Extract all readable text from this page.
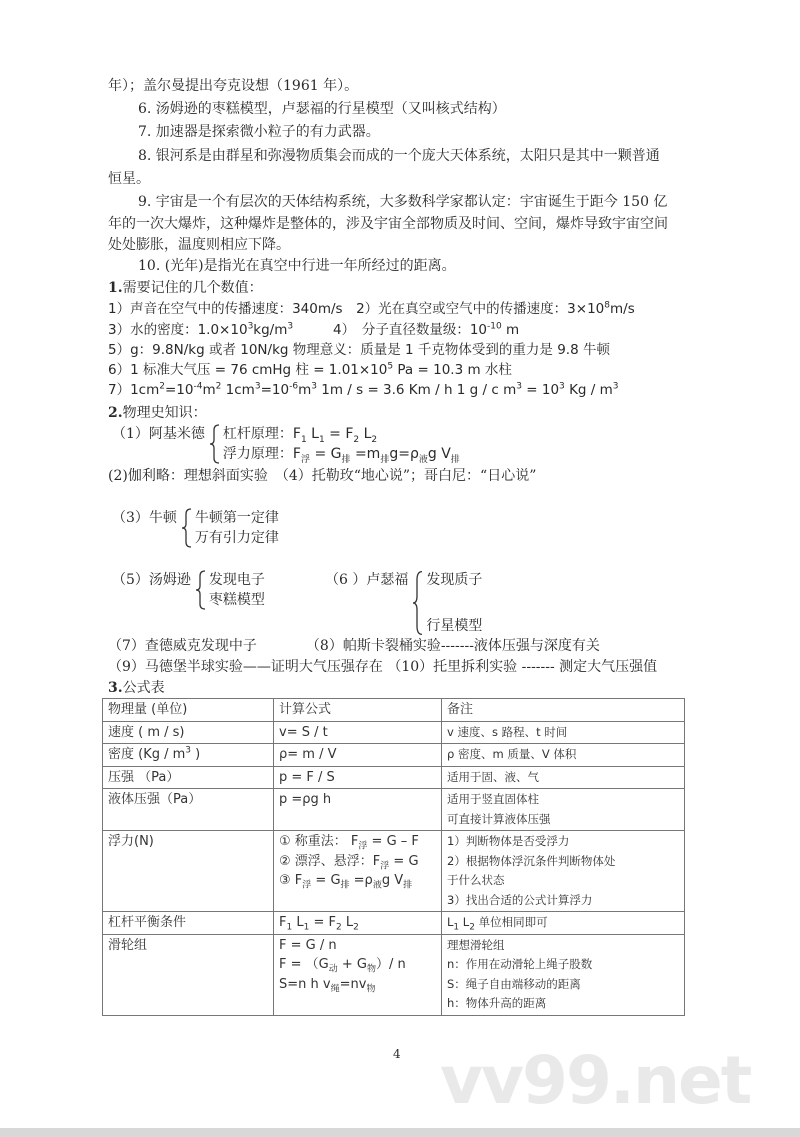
年）；盖尔曼提出夸克设想（1961 年）。
6. 汤姆逊的枣糕模型，卢瑟福的行星模型（又叫核式结构）
7. 加速器是探索微小粒子的有力武器。
8. 银河系是由群星和弥漫物质集会而成的一个庞大天体系统，太阳只是其中一颗普通
恒星。
9. 宇宙是一个有层次的天体结构系统，大多数科学家都认定：宇宙诞生于距今 150 亿
年的一次大爆炸，这种爆炸是整体的，涉及宇宙全部物质及时间、空间，爆炸导致宇宙空间
处处膨胀，温度则相应下降。
10. (光年)是指光在真空中行进一年所经过的距离。
1.需要记住的几个数值：
1）声音在空气中的传播速度：340m/s　2）光在真空或空气中的传播速度：$3\times 10^8m/s$
3）水的密度：$1.0\times 10^3kg/m^3$	4）　分子直径数量级：$10^{-10}$ m
5）g：9.8N/kg 或者 10N/kg 物理意义：质量是 1 千克物体受到的重力是 9.8 牛顿
6）1 标准大气压 = 76 cmHg 柱 = $1.01\times 10^5$ Pa = 10.3 m 水柱
$7)1cm^2=10^{-4}m^2$ $1cm^3=10^{-6}m^3$ 1m / s = 3.6 Km / h 1 g / c $m^3 = 10^3$ Kg / $m^3$
2.物理史知识：
（1）阿基米德 杠杆原理：$F_1$ $L_1 = F_2$ $L_2$
浮力原理：$F_浮 = G_排 =m_排g=\rho_液g$ $V_排$
(2)伽利略：理想斜面实验　（4）托勒玫“地心说”；哥白尼：“日心说”
（3）牛顿 牛顿第一定律
万有引力定律
（5）汤姆逊 发现电子
枣糕模型
（6 ）卢瑟福 发现质子
行星模型
（7）查德威克发现中子　　　　（8）帕斯卡裂桶实验-------液体压强与深度有关
（9）马德堡半球实验——证明大气压强存在 （10）托里拆利实验 ------- 测定大气压强值
3.公式表
物理量 (单位)	计算公式	备注
速度 ( m / s)	v= S / t	v 速度、s 路程、t 时间
密度 ($Kg / m^3$ )	ρ= m / V	ρ 密度、m 质量、V 体积
压强 （Pa）	p = F / S	适用于固、液、气
液体压强（Pa）	p =ρg h	适用于竖直固体柱
可直接计算液体压强
浮力(N)	① 称重法： $F_浮 = G - F$
② 漂浮、悬浮：$F_浮 = G$
③ $F_浮 = G_排 =\rho_液g$ $V_排$	1）判断物体是否受浮力
2）根据物体浮沉条件判断物体处
于什么状态
3）找出合适的公式计算浮力
杠杆平衡条件	$F_1$ $L_1 = F_2$ $L_2$	$L_1$ $L_2$ 单位相同即可
滑轮组	F = G / n
$F = (G_动 + G_物)/$ n
S=n h $v_绳=nv_物$	理想滑轮组
n：作用在动滑轮上绳子股数
S：绳子自由端移动的距离
h：物体升高的距离
4 vv99.net
